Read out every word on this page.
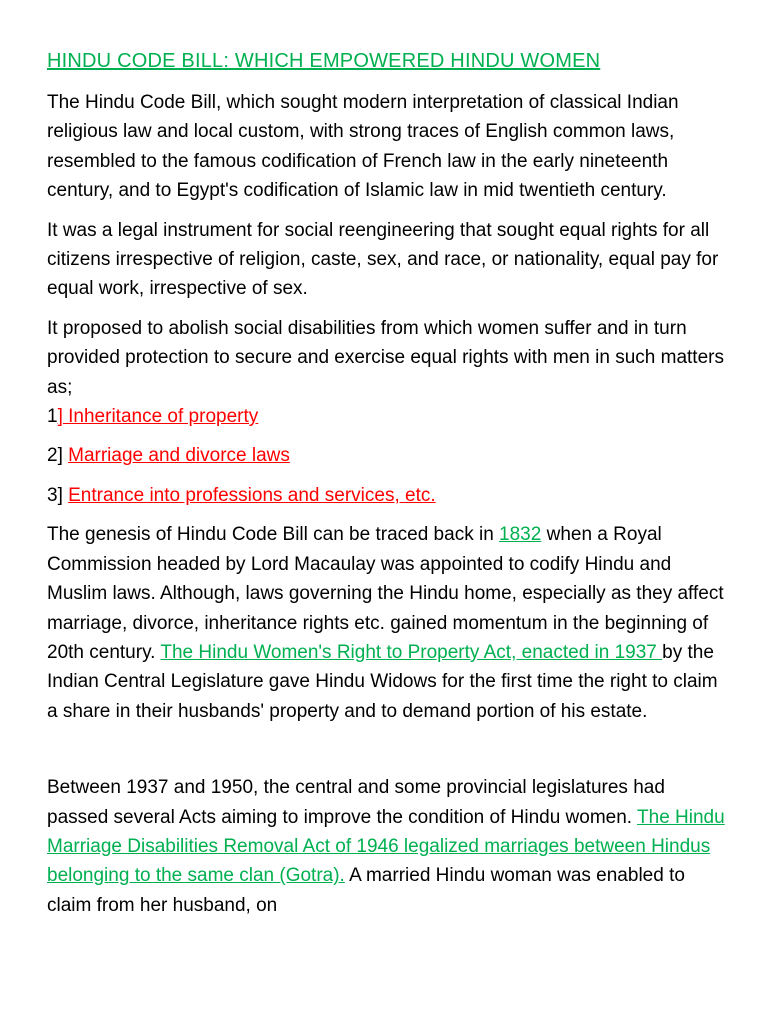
HINDU CODE BILL: WHICH EMPOWERED HINDU WOMEN

The Hindu Code Bill, which sought modern interpretation of classical Indian religious law and local custom, with strong traces of English common laws, resembled to the famous codification of French law in the early nineteenth century, and to Egypt's codification of Islamic law in mid twentieth century.

It was a legal instrument for social reengineering that sought equal rights for all citizens irrespective of religion, caste, sex, and race, or nationality, equal pay for equal work, irrespective of sex.

It proposed to abolish social disabilities from which women suffer and in turn provided protection to secure and exercise equal rights with men in such matters as;
1] Inheritance of property
2] Marriage and divorce laws
3] Entrance into professions and services, etc.

The genesis of Hindu Code Bill can be traced back in 1832 when a Royal Commission headed by Lord Macaulay was appointed to codify Hindu and Muslim laws. Although, laws governing the Hindu home, especially as they affect marriage, divorce, inheritance rights etc. gained momentum in the beginning of 20th century. The Hindu Women's Right to Property Act, enacted in 1937 by the Indian Central Legislature gave Hindu Widows for the first time the right to claim a share in their husbands' property and to demand portion of his estate.

Between 1937 and 1950, the central and some provincial legislatures had passed several Acts aiming to improve the condition of Hindu women. The Hindu Marriage Disabilities Removal Act of 1946 legalized marriages between Hindus belonging to the same clan (Gotra). A married Hindu woman was enabled to claim from her husband, on
